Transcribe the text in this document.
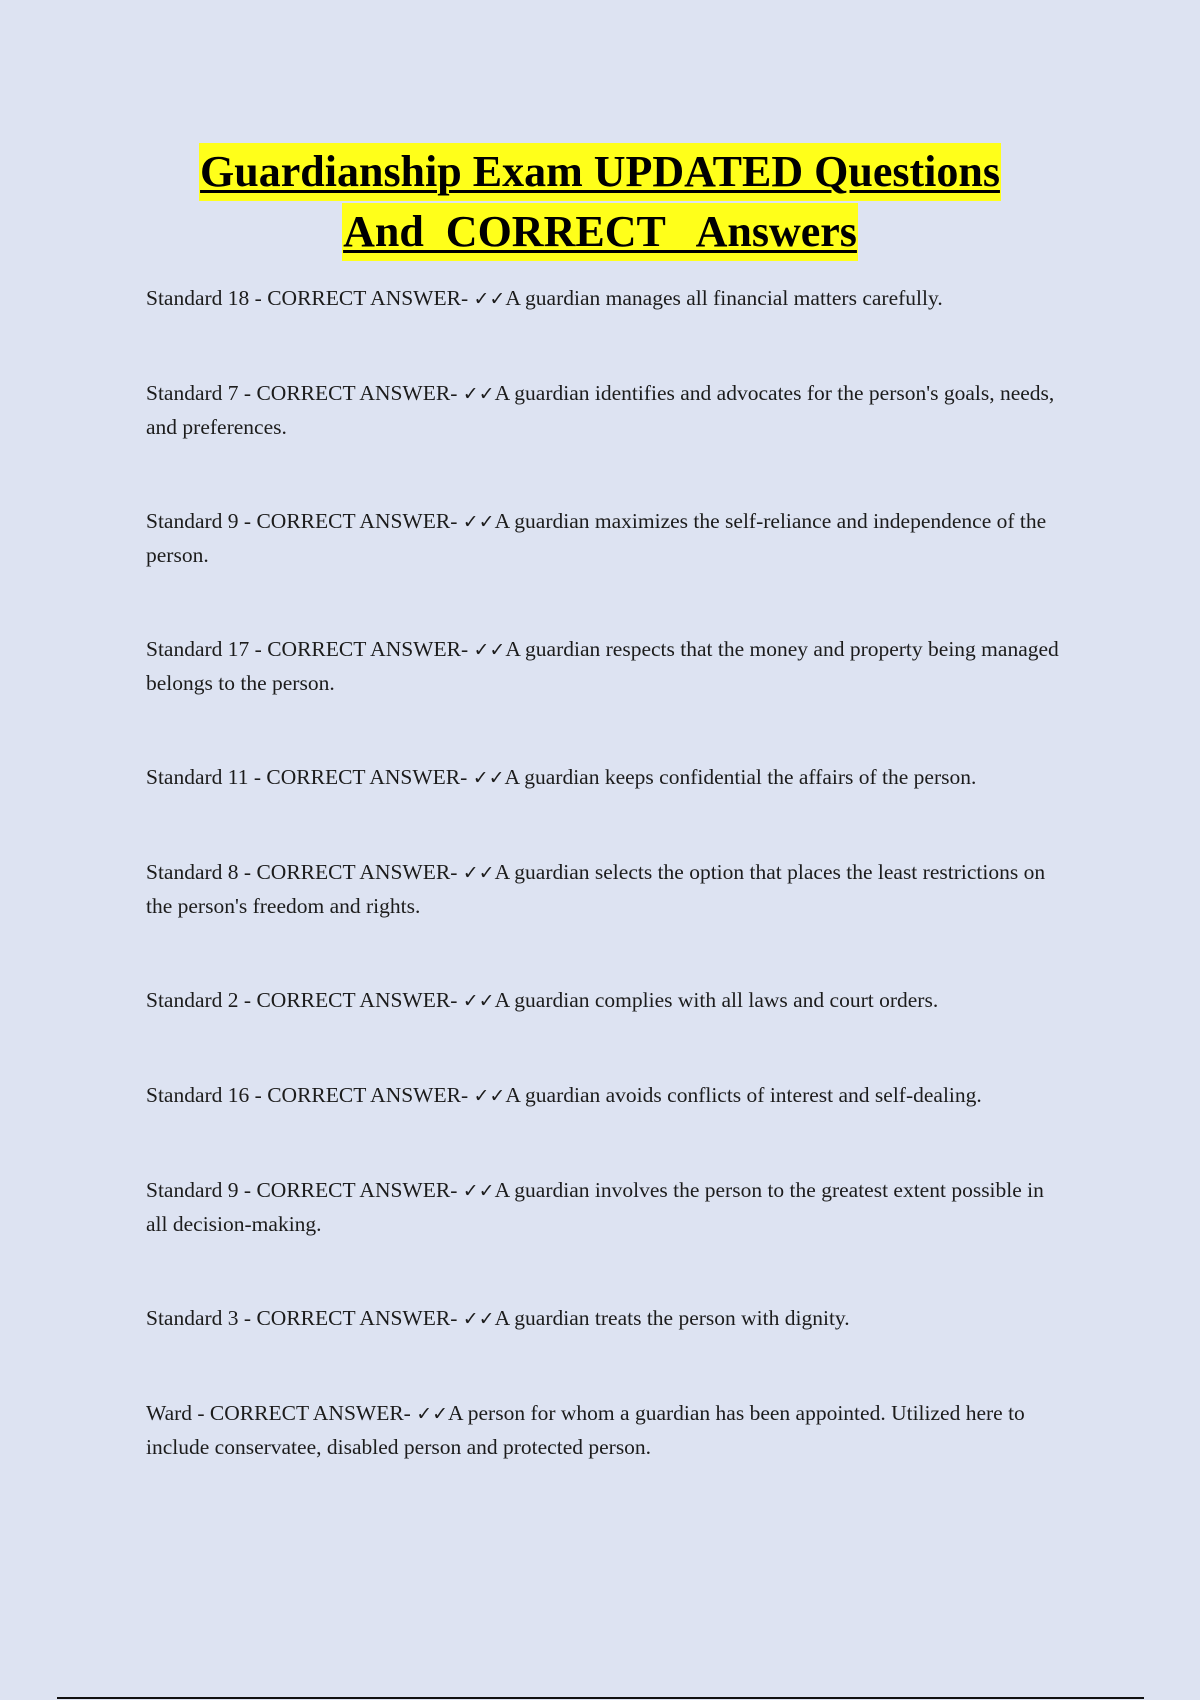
Guardianship Exam UPDATED Questions
And  CORRECT   Answers

Standard 18 - CORRECT ANSWER- ✓✓A guardian manages all financial matters carefully.

Standard 7 - CORRECT ANSWER- ✓✓A guardian identifies and advocates for the person's goals, needs, and preferences.

Standard 9 - CORRECT ANSWER- ✓✓A guardian maximizes the self-reliance and independence of the person.

Standard 17 - CORRECT ANSWER- ✓✓A guardian respects that the money and property being managed belongs to the person.

Standard 11 - CORRECT ANSWER- ✓✓A guardian keeps confidential the affairs of the person.

Standard 8 - CORRECT ANSWER- ✓✓A guardian selects the option that places the least restrictions on the person's freedom and rights.

Standard 2 - CORRECT ANSWER- ✓✓A guardian complies with all laws and court orders.

Standard 16 - CORRECT ANSWER- ✓✓A guardian avoids conflicts of interest and self-dealing.

Standard 9 - CORRECT ANSWER- ✓✓A guardian involves the person to the greatest extent possible in all decision-making.

Standard 3 - CORRECT ANSWER- ✓✓A guardian treats the person with dignity.

Ward - CORRECT ANSWER- ✓✓A person for whom a guardian has been appointed. Utilized here to include conservatee, disabled person and protected person.
